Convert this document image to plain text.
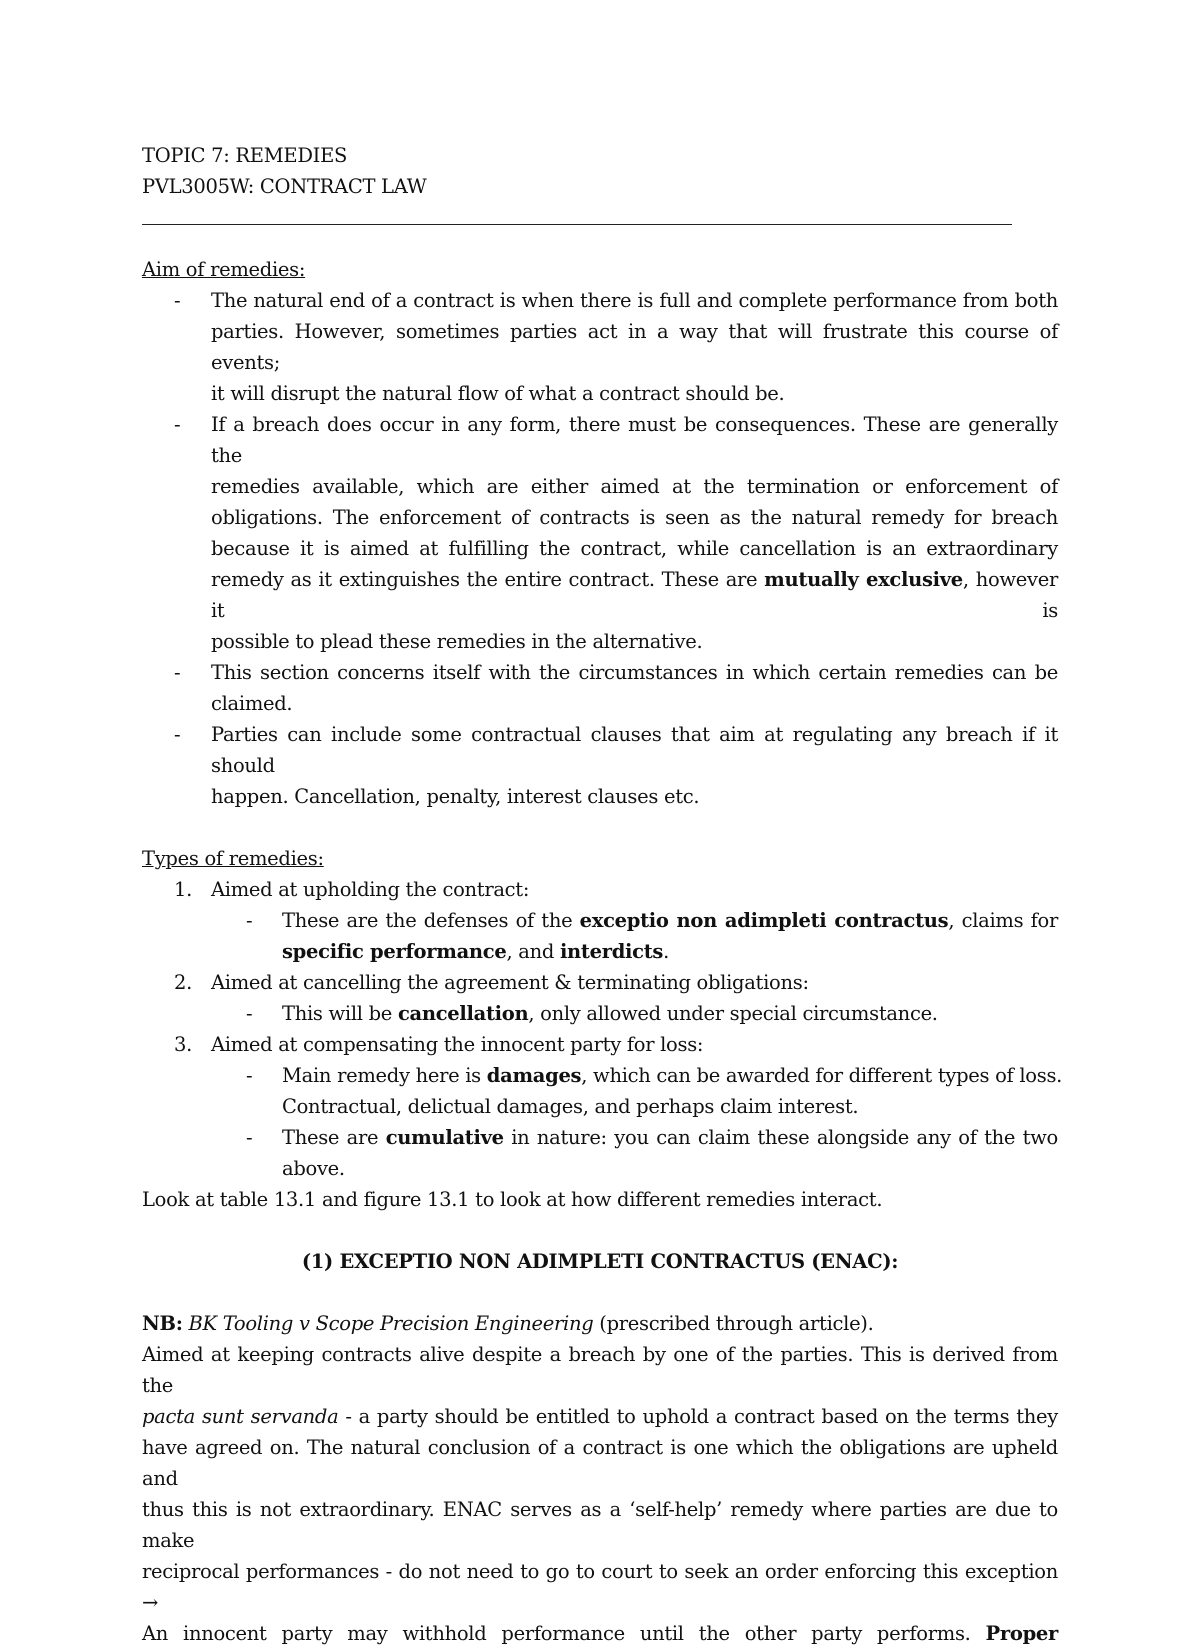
TOPIC 7: REMEDIES
PVL3005W: CONTRACT LAW
Aim of remedies:
- The natural end of a contract is when there is full and complete performance from both
parties. However, sometimes parties act in a way that will frustrate this course of events;
it will disrupt the natural flow of what a contract should be.
- If a breach does occur in any form, there must be consequences. These are generally the
remedies available, which are either aimed at the termination or enforcement of
obligations. The enforcement of contracts is seen as the natural remedy for breach
because it is aimed at fulfilling the contract, while cancellation is an extraordinary
remedy as it extinguishes the entire contract. These are mutually exclusive, however it is
possible to plead these remedies in the alternative.
- This section concerns itself with the circumstances in which certain remedies can be
claimed.
- Parties can include some contractual clauses that aim at regulating any breach if it should
happen. Cancellation, penalty, interest clauses etc.
Types of remedies:
1. Aimed at upholding the contract:
- These are the defenses of the exceptio non adimpleti contractus, claims for
specific performance, and interdicts.
2. Aimed at cancelling the agreement & terminating obligations:
- This will be cancellation, only allowed under special circumstance.
3. Aimed at compensating the innocent party for loss:
- Main remedy here is damages, which can be awarded for different types of loss.
Contractual, delictual damages, and perhaps claim interest.
- These are cumulative in nature: you can claim these alongside any of the two
above.
Look at table 13.1 and figure 13.1 to look at how different remedies interact.
(1) EXCEPTIO NON ADIMPLETI CONTRACTUS (ENAC):
NB: BK Tooling v Scope Precision Engineering (prescribed through article).
Aimed at keeping contracts alive despite a breach by one of the parties. This is derived from the
pacta sunt servanda - a party should be entitled to uphold a contract based on the terms they
have agreed on. The natural conclusion of a contract is one which the obligations are upheld and
thus this is not extraordinary. ENAC serves as a ‘self-help’ remedy where parties are due to make
reciprocal performances - do not need to go to court to seek an order enforcing this exception →
An innocent party may withhold performance until the other party performs. Proper
